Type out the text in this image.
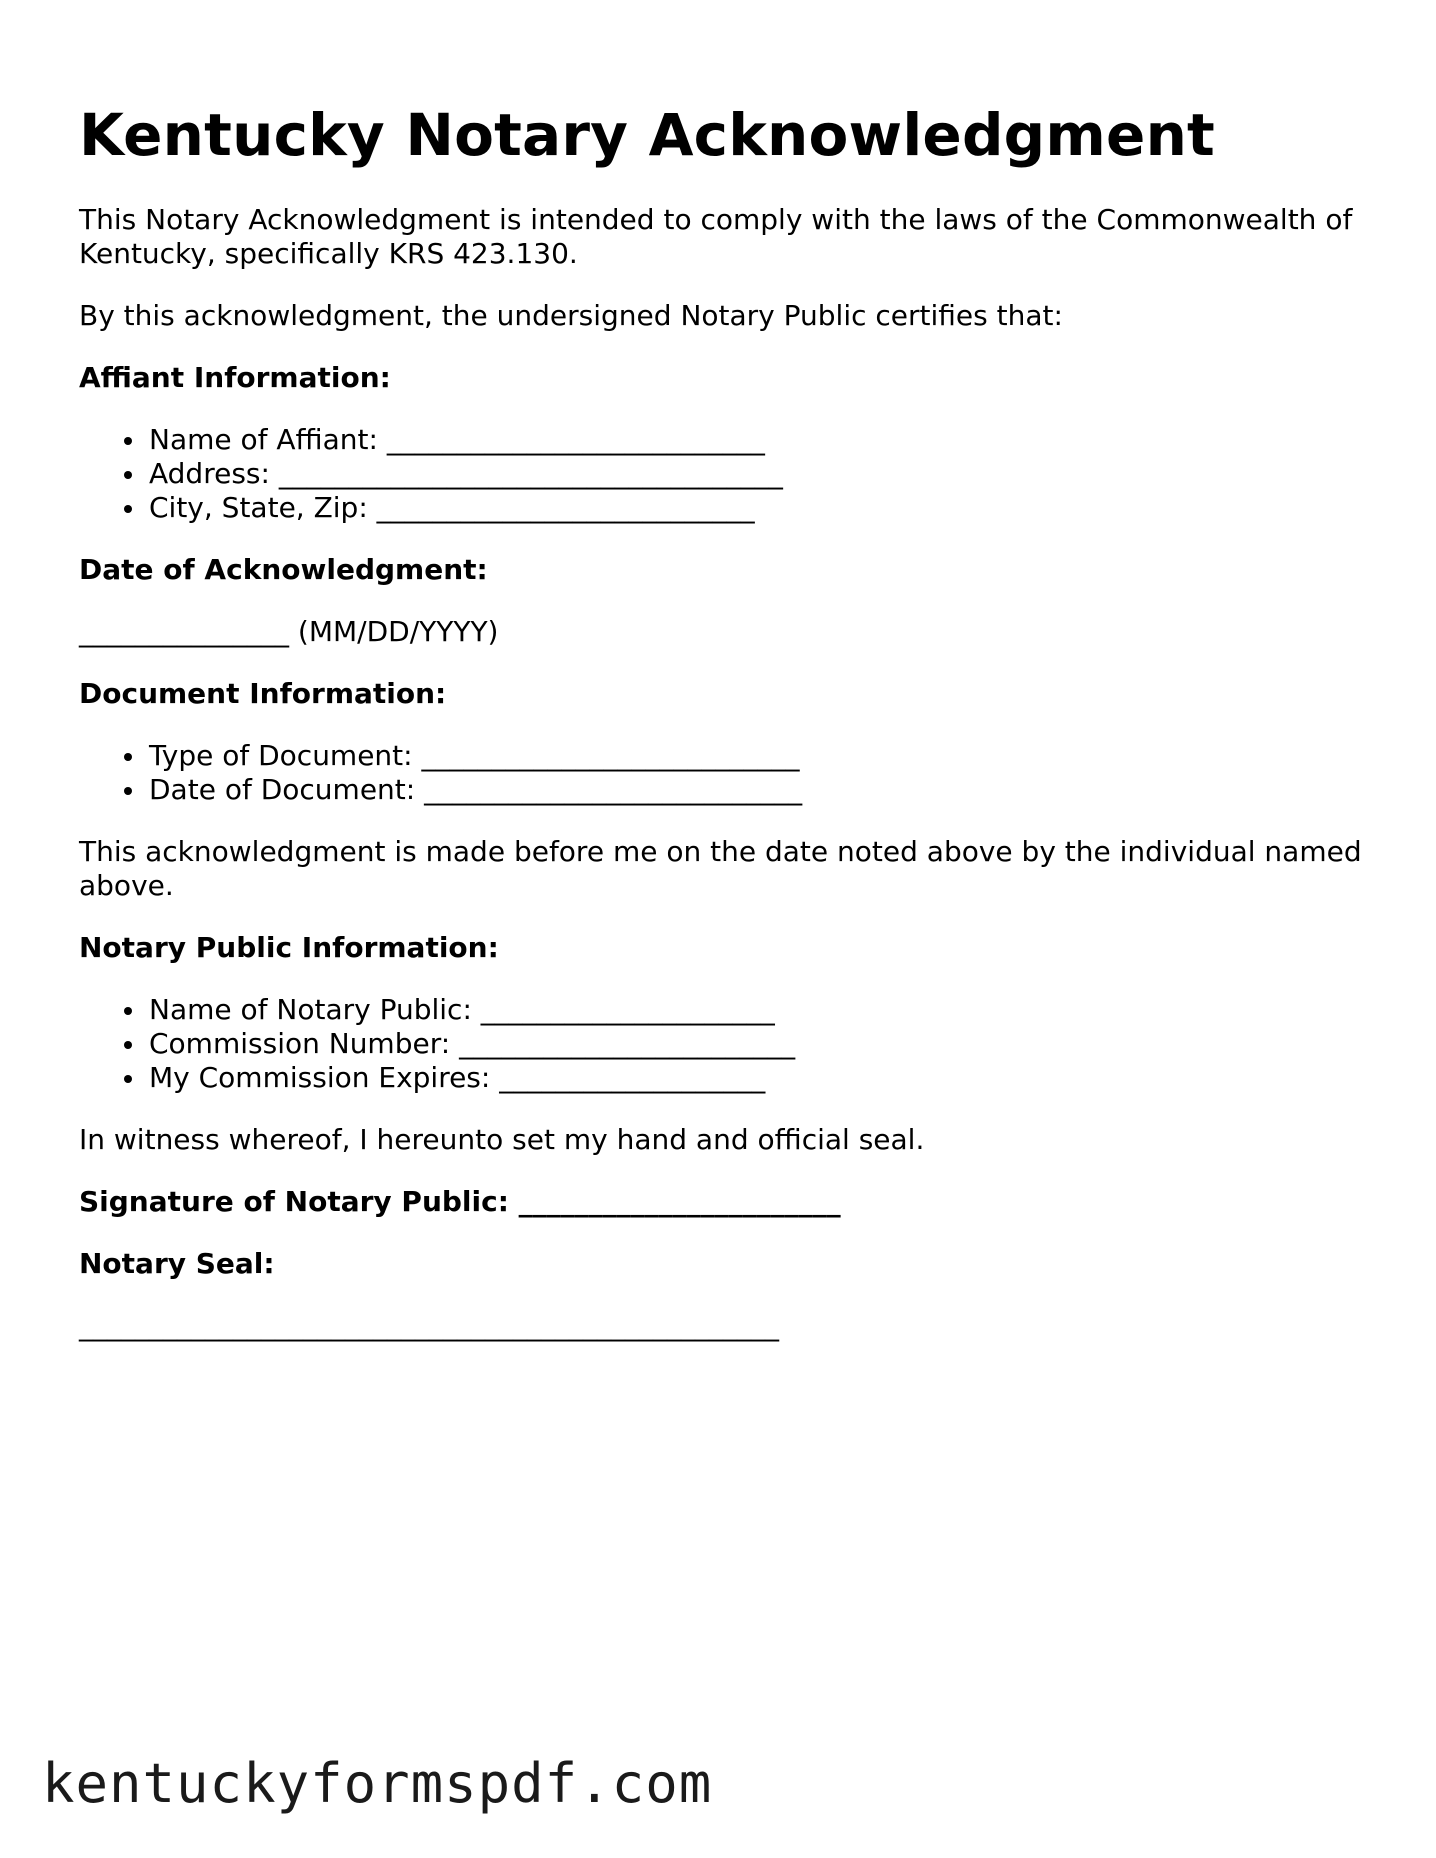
Kentucky Notary Acknowledgment

This Notary Acknowledgment is intended to comply with the laws of the Commonwealth of Kentucky, specifically KRS 423.130.

By this acknowledgment, the undersigned Notary Public certifies that:

Affiant Information:
Name of Affiant: ___________________________
Address: ____________________________________
City, State, Zip: ___________________________
Date of Acknowledgment:

_______________ (MM/DD/YYYY)

Document Information:
Type of Document: ___________________________
Date of Document: ___________________________

This acknowledgment is made before me on the date noted above by the individual named above.

Notary Public Information:
Name of Notary Public: _____________________
Commission Number: ________________________
My Commission Expires: ___________________

In witness whereof, I hereunto set my hand and official seal.

Signature of Notary Public: _______________________
Notary Seal:

__________________________________________________

kentuckyformspdf.com
